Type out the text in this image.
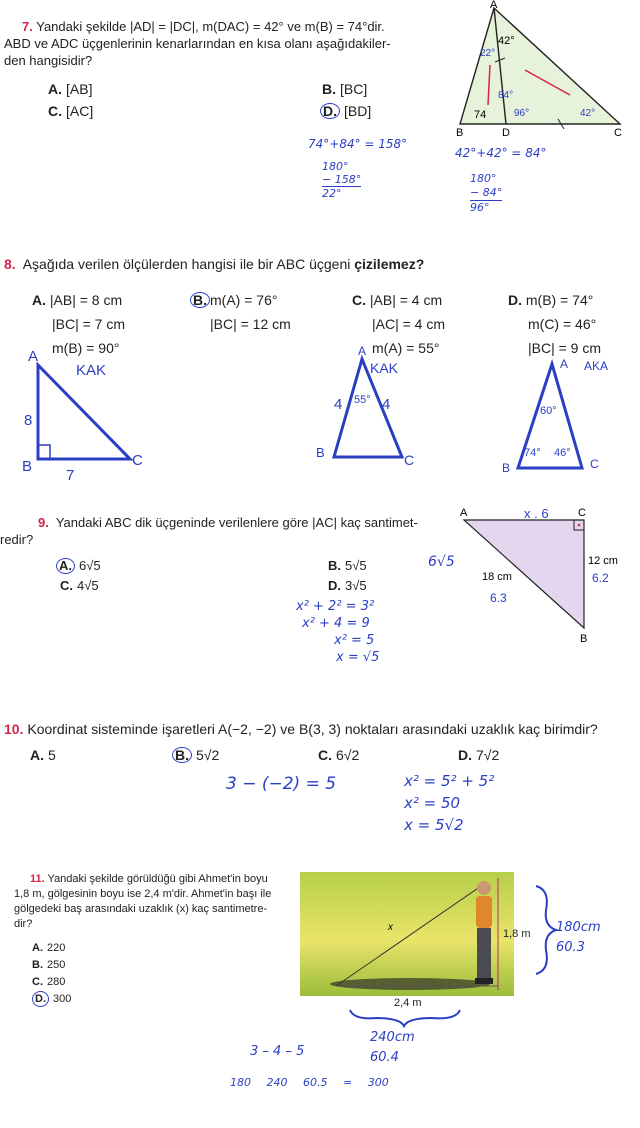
7. Yandaki şekilde |AD| = |DC|, m(DAC) = 42° ve m(B) = 74°dir.
ABD ve ADC üçgenlerinin kenarlarından en kısa olanı aşağıdakiler-
den hangisidir?
A. [AB]
C. [AC]
B. [BC]
D. [BD]
A
B	D	C
42°
22°
74	96°
84°
42°
74°+84° = 158°
180°
− 158°
22°
42°+42° = 84°
180°
− 84°
96°
8. Aşağıda verilen ölçülerden hangisi ile bir ABC üçgeni çizilemez?
A. |AB| = 8 cm
|BC| = 7 cm
m(B) = 90°
B. m(A) = 76°
|BC| = 12 cm
C. |AB| = 4 cm
|AC| = 4 cm
m(A) = 55°
D. m(B) = 74°
m(C) = 46°
|BC| = 9 cm
A
B	C
8
7
KAK
A
B	C
4	4
55°
KAK
B	C
60°
74° 46°
A AKA
9. Yandaki ABC dik üçgeninde verilenlere göre |AC| kaç santimet-
redir?
A. 6√5
C. 4√5
B. 5√5
D. 3√5
A	C
B
18 cm
12 cm
x . 6
6.2
6.3
6√5
x² + 2² = 3²
x² + 4 = 9
x² = 5
x = √5
10. Koordinat sisteminde işaretleri A(−2, −2) ve B(3, 3) noktaları arasındaki uzaklık kaç birimdir?
A. 5	B. 5√2	C. 6√2	D. 7√2
3 − (−2) = 5	x² = 5² + 5²
x² = 50
x = 5√2
11. Yandaki şekilde görüldüğü gibi Ahmet'in boyu
1,8 m, gölgesinin boyu ise 2,4 m'dir. Ahmet'in başı ile
gölgedeki baş arasındaki uzaklık (x) kaç santimetre-
dir?
A. 220
B. 250
C. 280
D. 300
x
1,8 m
2,4 m
180cm
60.3
240cm
60.4
3 – 4 – 5
180 240 60.5 = 300
